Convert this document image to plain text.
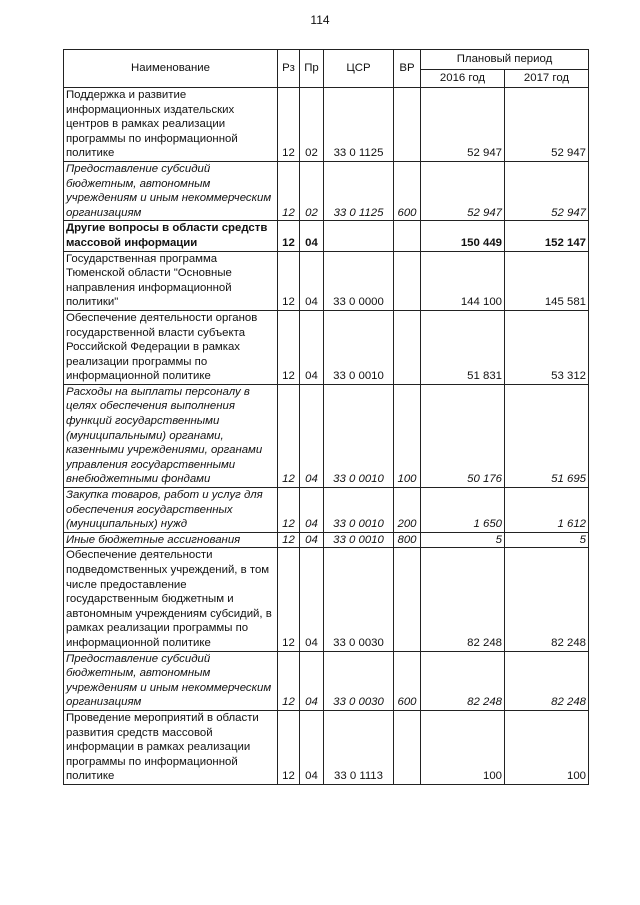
114
Наименование	Рз	Пр	ЦСР	ВР	Плановый период	
					2016 год	2017 год
Поддержка и развитие информационных издательских центров в рамках реализации программы по информационной политике	12	02	33 0 1125		52 947	52 947
Предоставление субсидий бюджетным, автономным учреждениям и иным некоммерческим организациям	12	02	33 0 1125	600	52 947	52 947
Другие вопросы в области средств массовой информации	12	04			150 449	152 147
Государственная программа Тюменской области "Основные направления информационной политики"	12	04	33 0 0000		144 100	145 581
Обеспечение деятельности органов государственной власти субъекта Российской Федерации в рамках реализации программы по информационной политике	12	04	33 0 0010		51 831	53 312
Расходы на выплаты персоналу в целях обеспечения выполнения функций государственными (муниципальными) органами, казенными учреждениями, органами управления государственными внебюджетными фондами	12	04	33 0 0010	100	50 176	51 695
Закупка товаров, работ и услуг для обеспечения государственных (муниципальных) нужд	12	04	33 0 0010	200	1 650	1 612
Иные бюджетные ассигнования	12	04	33 0 0010	800	5	5
Обеспечение деятельности подведомственных учреждений, в том числе предоставление государственным бюджетным и автономным учреждениям субсидий, в рамках реализации программы по информационной политике	12	04	33 0 0030		82 248	82 248
Предоставление субсидий бюджетным, автономным учреждениям и иным некоммерческим организациям	12	04	33 0 0030	600	82 248	82 248
Проведение мероприятий в области развития средств массовой информации в рамках реализации программы по информационной политике	12	04	33 0 1113		100	100
